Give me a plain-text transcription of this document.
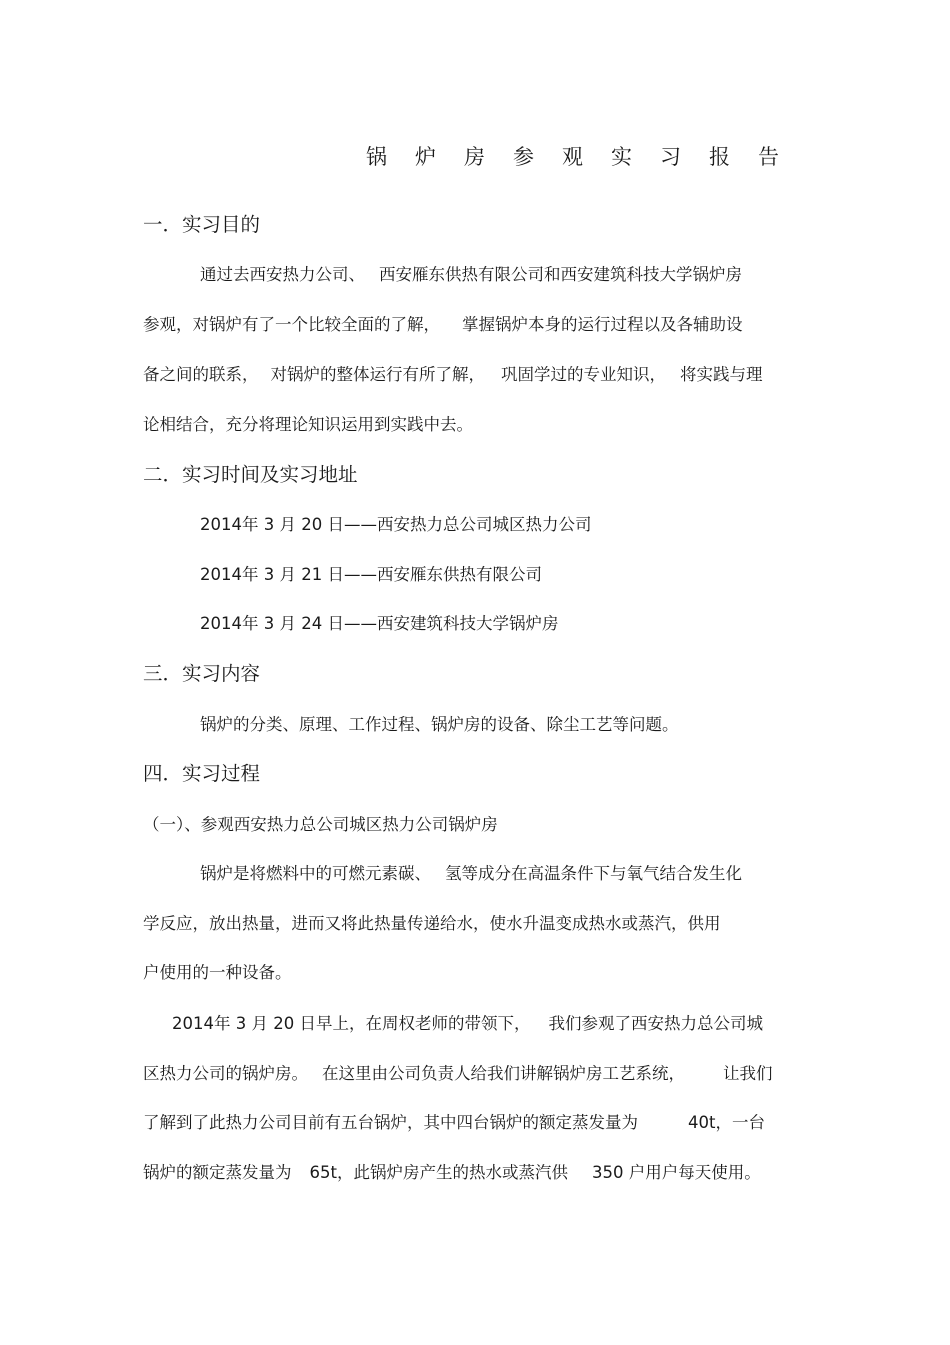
锅炉房参观实习报告
一．实习目的
通过去西安热力公司、 西安雁东供热有限公司和西安建筑科技大学锅炉房
参观，对锅炉有了一个比较全面的了解， 掌握锅炉本身的运行过程以及各辅助设
备之间的联系， 对锅炉的整体运行有所了解， 巩固学过的专业知识， 将实践与理
论相结合，充分将理论知识运用到实践中去。
二．实习时间及实习地址
2014年 3 月 20 日——西安热力总公司城区热力公司
2014年 3 月 21 日——西安雁东供热有限公司
2014年 3 月 24 日——西安建筑科技大学锅炉房
三．实习内容
锅炉的分类、原理、工作过程、锅炉房的设备、除尘工艺等问题。
四．实习过程
（一）、参观西安热力总公司城区热力公司锅炉房
锅炉是将燃料中的可燃元素碳、 氢等成分在高温条件下与氧气结合发生化
学反应，放出热量，进而又将此热量传递给水，使水升温变成热水或蒸汽，供用
户使用的一种设备。
2014年 3 月 20 日早上，在周权老师的带领下， 我们参观了西安热力总公司城
区热力公司的锅炉房。 在这里由公司负责人给我们讲解锅炉房工艺系统， 让我们
了解到了此热力公司目前有五台锅炉，其中四台锅炉的额定蒸发量为	40t，一台
锅炉的额定蒸发量为 65t，此锅炉房产生的热水或蒸汽供 350 户用户每天使用。
